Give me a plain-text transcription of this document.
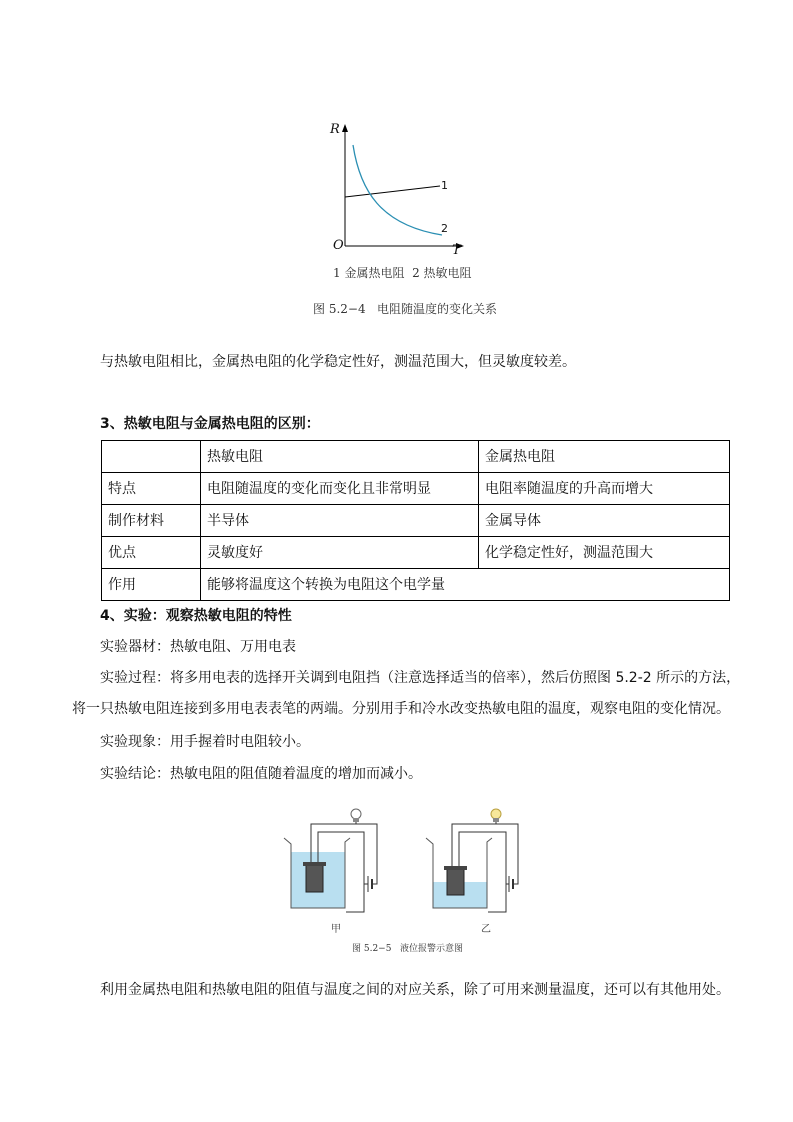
R
T
O
1
2
1 金属热电阻  2 热敏电阻
图 5.2−4   电阻随温度的变化关系
与热敏电阻相比，金属热电阻的化学稳定性好，测温范围大，但灵敏度较差。
3、热敏电阻与金属热电阻的区别：
	热敏电阻	金属热电阻
特点	电阻随温度的变化而变化且非常明显	电阻率随温度的升高而增大
制作材料	半导体	金属导体
优点	灵敏度好	化学稳定性好，测温范围大
作用	能够将温度这个转换为电阻这个电学量	
4、实验：观察热敏电阻的特性
实验器材：热敏电阻、万用电表
实验过程：将多用电表的选择开关调到电阻挡（注意选择适当的倍率），然后仿照图 5.2-2 所示的方法，
将一只热敏电阻连接到多用电表表笔的两端。分别用手和冷水改变热敏电阻的温度，观察电阻的变化情况。
实验现象：用手握着时电阻较小。
实验结论：热敏电阻的阻值随着温度的增加而减小。
甲	乙
图 5.2−5   液位报警示意图
利用金属热电阻和热敏电阻的阻值与温度之间的对应关系，除了可用来测量温度，还可以有其他用处。
